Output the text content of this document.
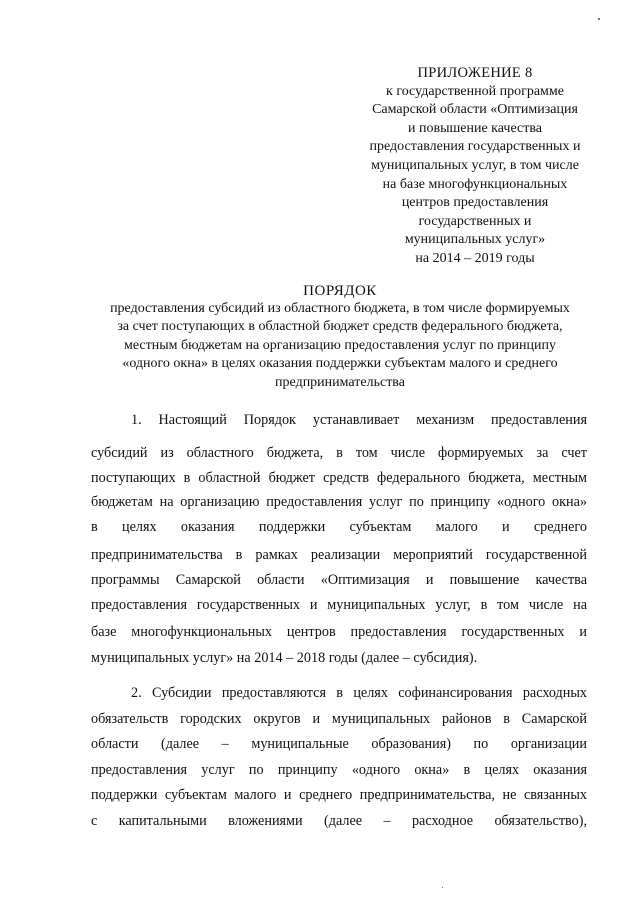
ПРИЛОЖЕНИЕ 8
к государственной программе
Самарской области «Оптимизация
и повышение качества
предоставления государственных и
муниципальных услуг, в том числе
на базе многофункциональных
центров предоставления
государственных и
муниципальных услуг»
на 2014 – 2019 годы
ПОРЯДОК
предоставления субсидий из областного бюджета, в том числе формируемых
за счет поступающих в областной бюджет средств федерального бюджета,
местным бюджетам на организацию предоставления услуг по принципу
«одного окна» в целях оказания поддержки субъектам малого и среднего
предпринимательства
1. Настоящий Порядок устанавливает механизм предоставления
субсидий из областного бюджета, в том числе формируемых за счет
поступающих в областной бюджет средств федерального бюджета, местным
бюджетам на организацию предоставления услуг по принципу «одного окна»
в целях оказания поддержки субъектам малого и среднего
предпринимательства в рамках реализации мероприятий государственной
программы Самарской области «Оптимизация и повышение качества
предоставления государственных и муниципальных услуг, в том числе на
базе многофункциональных центров предоставления государственных и
муниципальных услуг» на 2014 – 2018 годы (далее – субсидия).
2. Субсидии предоставляются в целях софинансирования расходных
обязательств городских округов и муниципальных районов в Самарской
области (далее – муниципальные образования) по организации
предоставления услуг по принципу «одного окна» в целях оказания
поддержки субъектам малого и среднего предпринимательства, не связанных
с капитальными вложениями (далее – расходное обязательство),
